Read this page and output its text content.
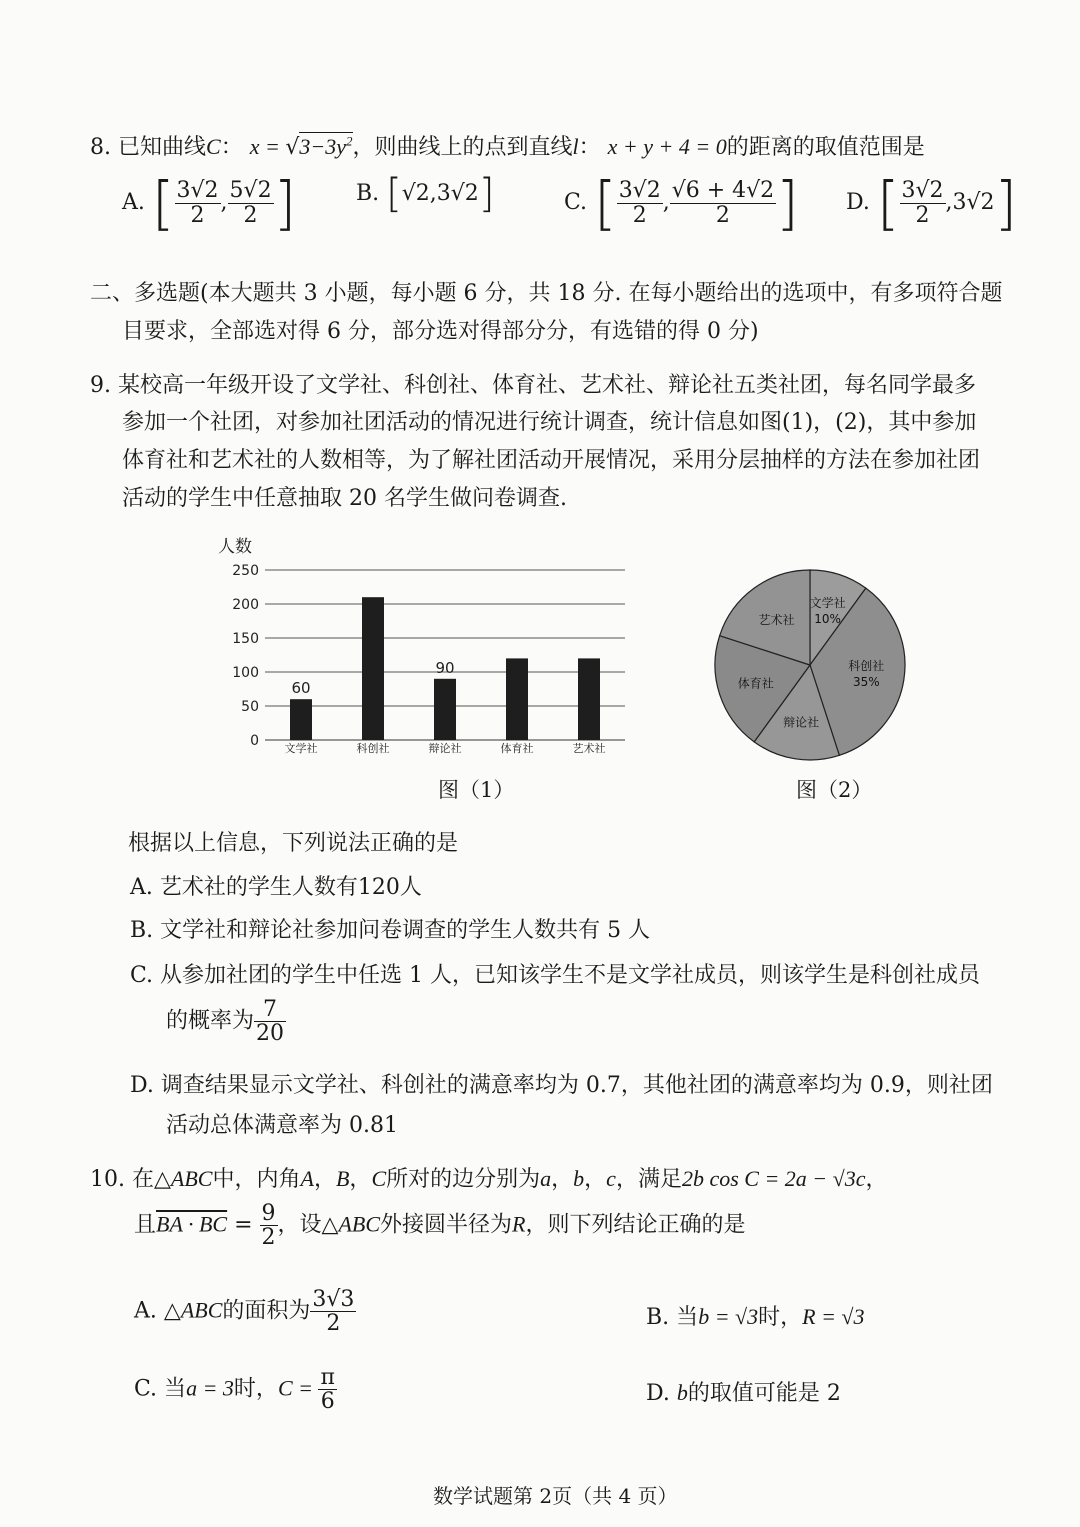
8. 已知曲线C： $x = √3-3y^2$，则曲线上的点到直线l： x + y + 4 = 0的距离的取值范围是
A. [ $\frac{3√2}{2}$ , $\frac{5√2}{2}$ ]	B. [√2,3√2]	C. [ $\frac{3√2}{2}$ , $\frac{√6 + 4√2}{2}$ ] D. [ $\frac{3√2}{2} ,3√2$]
二、多选题(本大题共 3 小题，每小题 6 分，共 18 分. 在每小题给出的选项中，有多项符合题
目要求，全部选对得 6 分，部分选对得部分分，有选错的得 0 分)
9. 某校高一年级开设了文学社、科创社、体育社、艺术社、辩论社五类社团，每名同学最多
参加一个社团，对参加社团活动的情况进行统计调查，统计信息如图(1)，(2)，其中参加
体育社和艺术社的人数相等，为了解社团活动开展情况，采用分层抽样的方法在参加社团
活动的学生中任意抽取 20 名学生做问卷调查.
人数
0
50
100
150
200
250
文学社
60
科创社	辩论社
90
体育社	艺术社
图（1）
文学社
10%
科创社
35%
辩论社
体育社
艺术社
图（2）
根据以上信息，下列说法正确的是
A. 艺术社的学生人数有120人
B. 文学社和辩论社参加问卷调查的学生人数共有 5 人
C. 从参加社团的学生中任选 1 人，已知该学生不是文学社成员，则该学生是科创社成员
的概率为 $\frac{7}{20}$
D. 调查结果显示文学社、科创社的满意率均为 0.7，其他社团的满意率均为 0.9，则社团
活动总体满意率为 0.81
10. 在△ABC中，内角A，B，C所对的边分别为a，b，c，满足2b cos C = 2a − √3c，
且BA · BC = $\frac{9}{2}$ ，设△ABC外接圆半径为R，则下列结论正确的是
A. △ABC的面积为 $\frac{3√3}{2}$	B. 当b = √3时，R = √3
C. 当a = 3时，$C = \frac{\pi}{6}$	D. b的取值可能是 2
数学试题第 2页（共 4 页）
